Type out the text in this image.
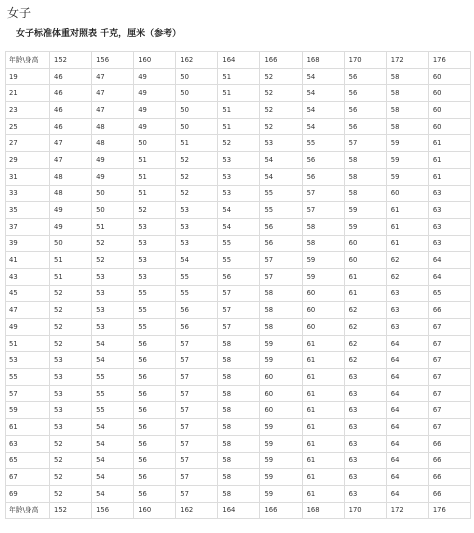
女子
女子标准体重对照表 千克，厘米（参考）
年龄\身高	152	156	160	162	164	166	168	170	172	176
19	46	47	49	50	51	52	54	56	58	60
21	46	47	49	50	51	52	54	56	58	60
23	46	47	49	50	51	52	54	56	58	60
25	46	48	49	50	51	52	54	56	58	60
27	47	48	50	51	52	53	55	57	59	61
29	47	49	51	52	53	54	56	58	59	61
31	48	49	51	52	53	54	56	58	59	61
33	48	50	51	52	53	55	57	58	60	63
35	49	50	52	53	54	55	57	59	61	63
37	49	51	53	53	54	56	58	59	61	63
39	50	52	53	53	55	56	58	60	61	63
41	51	52	53	54	55	57	59	60	62	64
43	51	53	53	55	56	57	59	61	62	64
45	52	53	55	55	57	58	60	61	63	65
47	52	53	55	56	57	58	60	62	63	66
49	52	53	55	56	57	58	60	62	63	67
51	52	54	56	57	58	59	61	62	64	67
53	53	54	56	57	58	59	61	62	64	67
55	53	55	56	57	58	60	61	63	64	67
57	53	55	56	57	58	60	61	63	64	67
59	53	55	56	57	58	60	61	63	64	67
61	53	54	56	57	58	59	61	63	64	67
63	52	54	56	57	58	59	61	63	64	66
65	52	54	56	57	58	59	61	63	64	66
67	52	54	56	57	58	59	61	63	64	66
69	52	54	56	57	58	59	61	63	64	66
年龄\身高	152	156	160	162	164	166	168	170	172	176
